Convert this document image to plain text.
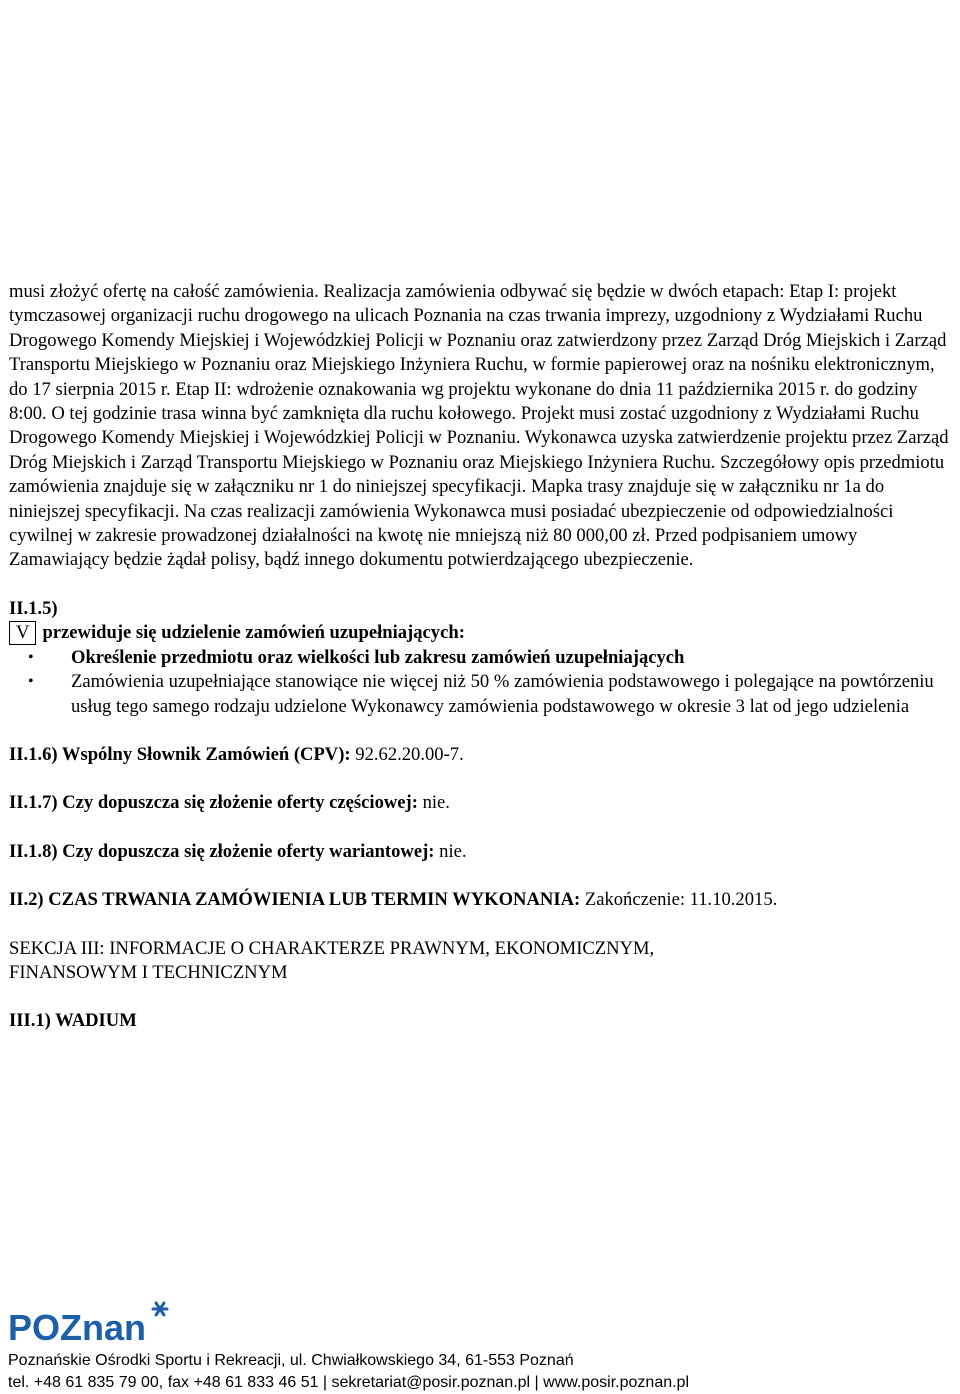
musi złożyć ofertę na całość zamówienia. Realizacja zamówienia odbywać się będzie w dwóch etapach: Etap I: projekt tymczasowej organizacji ruchu drogowego na ulicach Poznania na czas trwania imprezy, uzgodniony z Wydziałami Ruchu Drogowego Komendy Miejskiej i Wojewódzkiej Policji w Poznaniu oraz zatwierdzony przez Zarząd Dróg Miejskich i Zarząd Transportu Miejskiego w Poznaniu oraz Miejskiego Inżyniera Ruchu, w formie papierowej oraz na nośniku elektronicznym, do 17 sierpnia 2015 r. Etap II: wdrożenie oznakowania wg projektu wykonane do dnia 11 października 2015 r. do godziny 8:00. O tej godzinie trasa winna być zamknięta dla ruchu kołowego. Projekt musi zostać uzgodniony z Wydziałami Ruchu Drogowego Komendy Miejskiej i Wojewódzkiej Policji w Poznaniu. Wykonawca uzyska zatwierdzenie projektu przez Zarząd Dróg Miejskich i Zarząd Transportu Miejskiego w Poznaniu oraz Miejskiego Inżyniera Ruchu. Szczegółowy opis przedmiotu zamówienia znajduje się w załączniku nr 1 do niniejszej specyfikacji. Mapka trasy znajduje się w załączniku nr 1a do niniejszej specyfikacji. Na czas realizacji zamówienia Wykonawca musi posiadać ubezpieczenie od odpowiedzialności cywilnej w zakresie prowadzonej działalności na kwotę nie mniejszą niż 80 000,00 zł. Przed podpisaniem umowy Zamawiający będzie żądał polisy, bądź innego dokumentu potwierdzającego ubezpieczenie.

II.1.5)

V przewiduje się udzielenie zamówień uzupełniających:
• Określenie przedmiotu oraz wielkości lub zakresu zamówień uzupełniających
• Zamówienia uzupełniające stanowiące nie więcej niż 50 % zamówienia podstawowego i polegające na powtórzeniu usług tego samego rodzaju udzielone Wykonawcy zamówienia podstawowego w okresie 3 lat od jego udzielenia

II.1.6) Wspólny Słownik Zamówień (CPV): 92.62.20.00-7.

II.1.7) Czy dopuszcza się złożenie oferty częściowej: nie.

II.1.8) Czy dopuszcza się złożenie oferty wariantowej: nie.

II.2) CZAS TRWANIA ZAMÓWIENIA LUB TERMIN WYKONANIA: Zakończenie: 11.10.2015.

SEKCJA III: INFORMACJE O CHARAKTERZE PRAWNYM, EKONOMICZNYM, FINANSOWYM I TECHNICZNYM

III.1) WADIUM

POZnan
Poznańskie Ośrodki Sportu i Rekreacji, ul. Chwiałkowskiego 34, 61-553 Poznań
tel. +48 61 835 79 00, fax +48 61 833 46 51 | sekretariat@posir.poznan.pl | www.posir.poznan.pl
